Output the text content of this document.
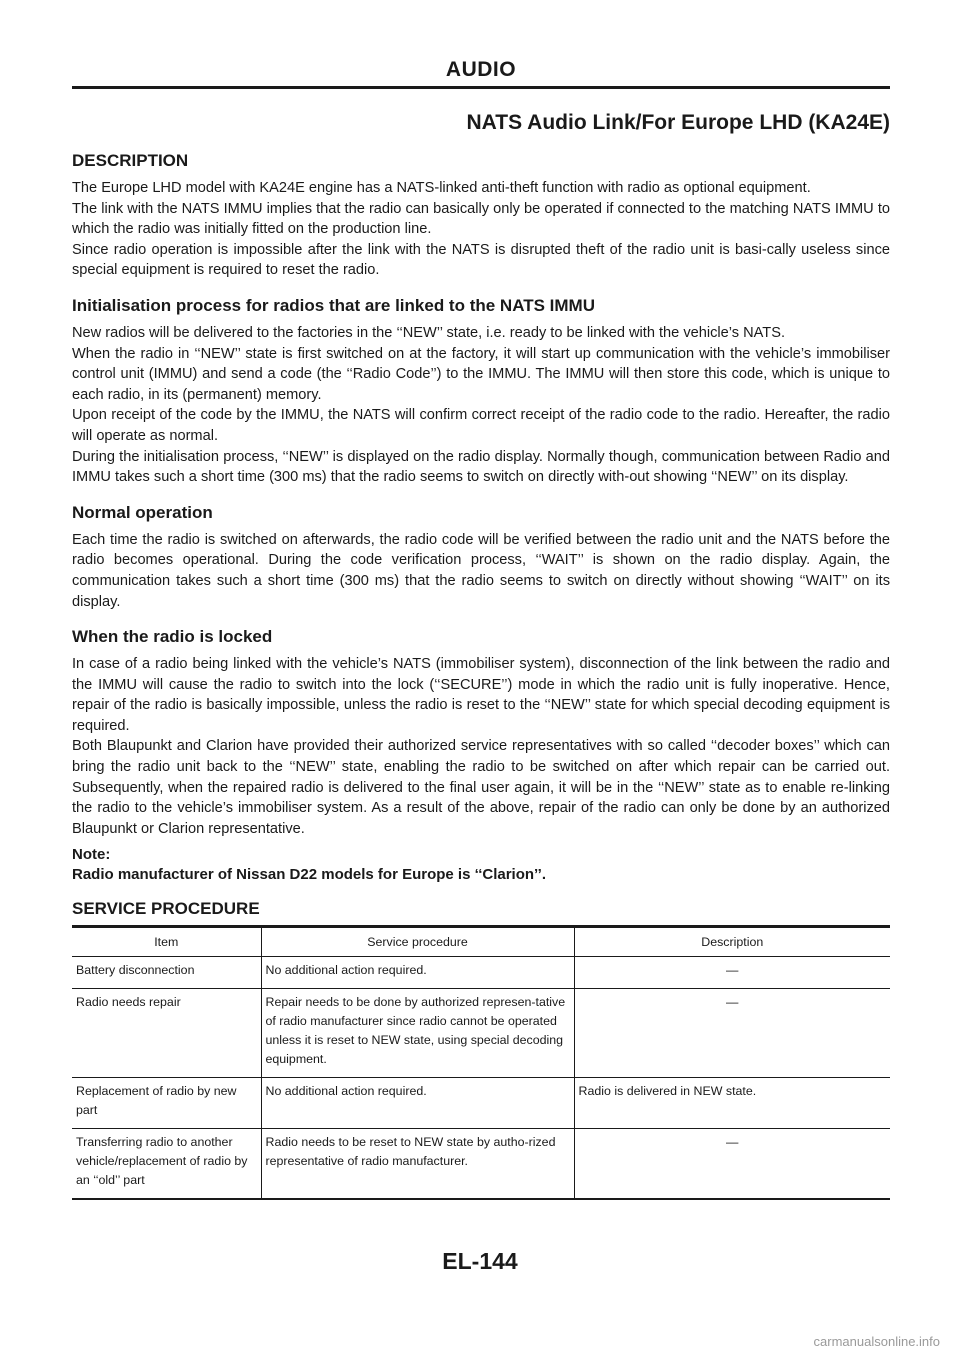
AUDIO
NATS Audio Link/For Europe LHD (KA24E)
DESCRIPTION

The Europe LHD model with KA24E engine has a NATS-linked anti-theft function with radio as optional equipment.

The link with the NATS IMMU implies that the radio can basically only be operated if connected to the matching NATS IMMU to which the radio was initially fitted on the production line.

Since radio operation is impossible after the link with the NATS is disrupted theft of the radio unit is basi-cally useless since special equipment is required to reset the radio.

Initialisation process for radios that are linked to the NATS IMMU

New radios will be delivered to the factories in the ‘‘NEW’’ state, i.e. ready to be linked with the vehicle’s NATS.

When the radio in ‘‘NEW’’ state is first switched on at the factory, it will start up communication with the vehicle’s immobiliser control unit (IMMU) and send a code (the ‘‘Radio Code’’) to the IMMU. The IMMU will then store this code, which is unique to each radio, in its (permanent) memory.

Upon receipt of the code by the IMMU, the NATS will confirm correct receipt of the radio code to the radio. Hereafter, the radio will operate as normal.

During the initialisation process, ‘‘NEW’’ is displayed on the radio display. Normally though, communication between Radio and IMMU takes such a short time (300 ms) that the radio seems to switch on directly with-out showing ‘‘NEW’’ on its display.

Normal operation

Each time the radio is switched on afterwards, the radio code will be verified between the radio unit and the NATS before the radio becomes operational. During the code verification process, ‘‘WAIT’’ is shown on the radio display. Again, the communication takes such a short time (300 ms) that the radio seems to switch on directly without showing ‘‘WAIT’’ on its display.

When the radio is locked

In case of a radio being linked with the vehicle’s NATS (immobiliser system), disconnection of the link between the radio and the IMMU will cause the radio to switch into the lock (‘‘SECURE’’) mode in which the radio unit is fully inoperative. Hence, repair of the radio is basically impossible, unless the radio is reset to the ‘‘NEW’’ state for which special decoding equipment is required.

Both Blaupunkt and Clarion have provided their authorized service representatives with so called ‘‘decoder boxes’’ which can bring the radio unit back to the ‘‘NEW’’ state, enabling the radio to be switched on after which repair can be carried out. Subsequently, when the repaired radio is delivered to the final user again, it will be in the ‘‘NEW’’ state as to enable re-linking the radio to the vehicle’s immobiliser system. As a result of the above, repair of the radio can only be done by an authorized Blaupunkt or Clarion representative.

Note:
Radio manufacturer of Nissan D22 models for Europe is ‘‘Clarion’’.
SERVICE PROCEDURE
Item	Service procedure	Description
Battery disconnection	No additional action required.	—
Radio needs repair	Repair needs to be done by authorized represen-tative of radio manufacturer since radio cannot be operated unless it is reset to NEW state, using special decoding equipment.	—
Replacement of radio by new part	No additional action required.	Radio is delivered in NEW state.
Transferring radio to another vehicle/replacement of radio by an ‘‘old’’ part	Radio needs to be reset to NEW state by autho-rized representative of radio manufacturer.	—
EL-144
carmanualsonline.info
